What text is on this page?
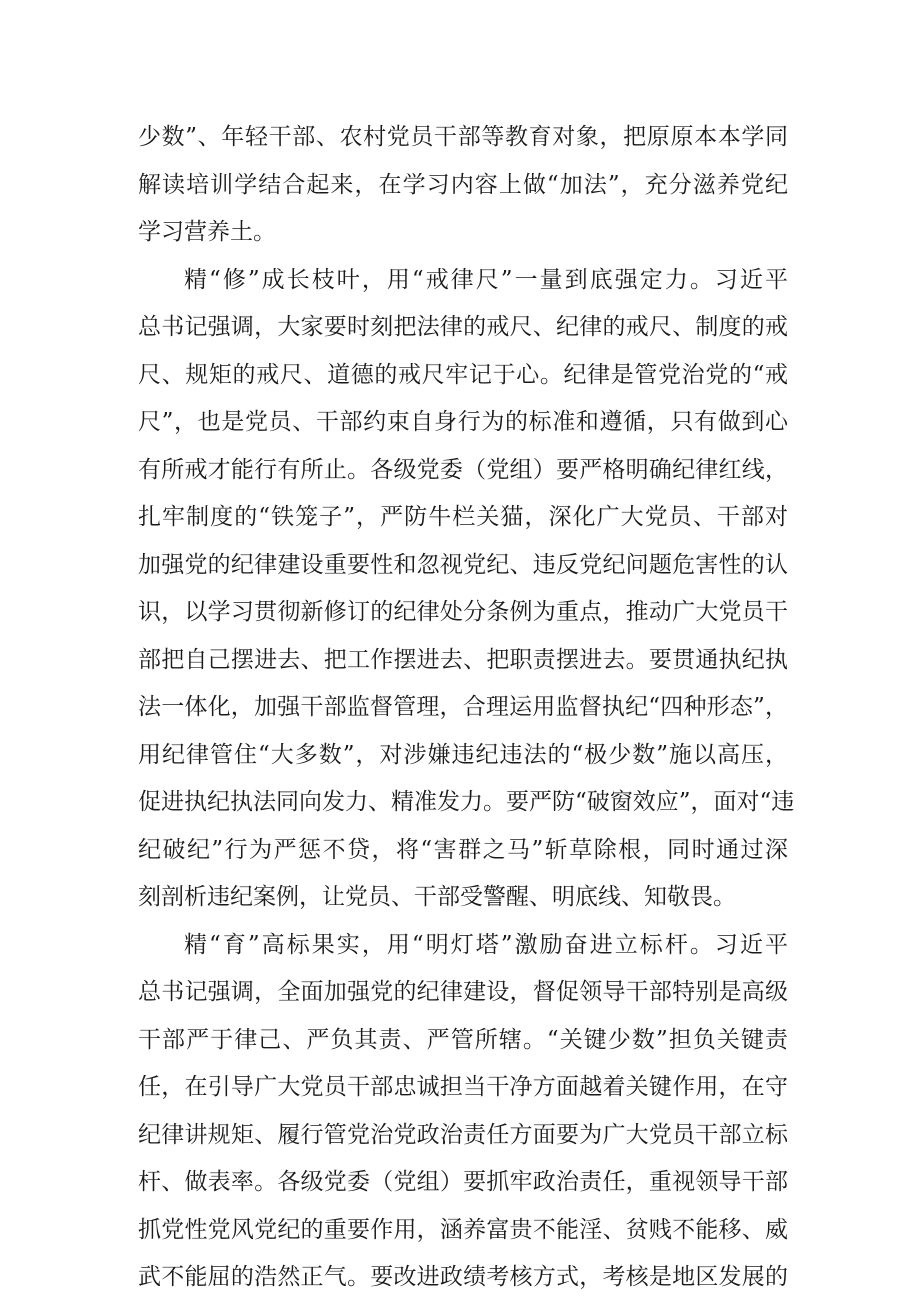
少数”、年轻干部、农村党员干部等教育对象，把原原本本学同
解读培训学结合起来，在学习内容上做“加法”，充分滋养党纪
学习营养土。
精“修”成长枝叶，用“戒律尺”一量到底强定力。习近平
总书记强调，大家要时刻把法律的戒尺、纪律的戒尺、制度的戒
尺、规矩的戒尺、道德的戒尺牢记于心。纪律是管党治党的“戒
尺”，也是党员、干部约束自身行为的标准和遵循，只有做到心
有所戒才能行有所止。各级党委（党组）要严格明确纪律红线，
扎牢制度的“铁笼子”，严防牛栏关猫，深化广大党员、干部对
加强党的纪律建设重要性和忽视党纪、违反党纪问题危害性的认
识，以学习贯彻新修订的纪律处分条例为重点，推动广大党员干
部把自己摆进去、把工作摆进去、把职责摆进去。要贯通执纪执
法一体化，加强干部监督管理，合理运用监督执纪“四种形态”，
用纪律管住“大多数”，对涉嫌违纪违法的“极少数”施以高压，
促进执纪执法同向发力、精准发力。要严防“破窗效应”，面对“违
纪破纪”行为严惩不贷，将“害群之马”斩草除根，同时通过深
刻剖析违纪案例，让党员、干部受警醒、明底线、知敬畏。
精“育”高标果实，用“明灯塔”激励奋进立标杆。习近平
总书记强调，全面加强党的纪律建设，督促领导干部特别是高级
干部严于律己、严负其责、严管所辖。“关键少数”担负关键责
任，在引导广大党员干部忠诚担当干净方面越着关键作用，在守
纪律讲规矩、履行管党治党政治责任方面要为广大党员干部立标
杆、做表率。各级党委（党组）要抓牢政治责任，重视领导干部
抓党性党风党纪的重要作用，涵养富贵不能淫、贫贱不能移、威
武不能屈的浩然正气。要改进政绩考核方式，考核是地区发展的
